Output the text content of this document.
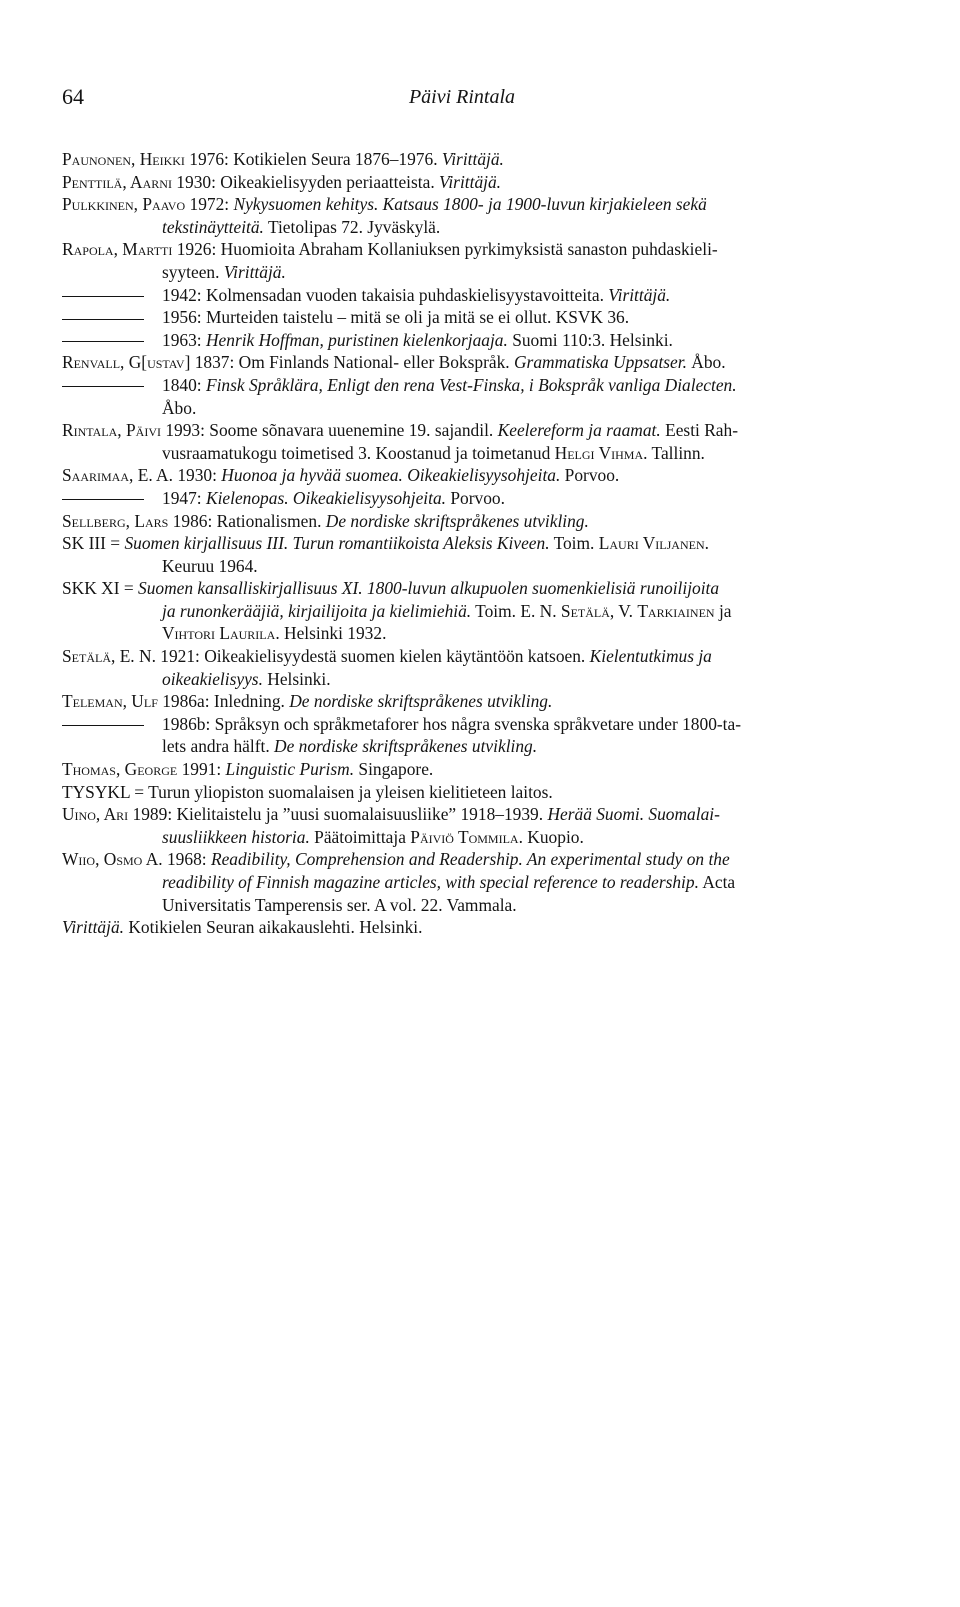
64	Päivi Rintala

Paunonen, Heikki 1976: Kotikielen Seura 1876–1976. Virittäjä.

Penttilä, Aarni 1930: Oikeakielisyyden periaatteista. Virittäjä.

Pulkkinen, Paavo 1972: Nykysuomen kehitys. Katsaus 1800- ja 1900-luvun kirjakieleen sekä
tekstinäytteitä. Tietolipas 72. Jyväskylä.

Rapola, Martti 1926: Huomioita Abraham Kollaniuksen pyrkimyksistä sanaston puhdaskieli-
syyteen. Virittäjä.

1942: Kolmensadan vuoden takaisia puhdaskielisyystavoitteita. Virittäjä.

1956: Murteiden taistelu – mitä se oli ja mitä se ei ollut. KSVK 36.

1963: Henrik Hoffman, puristinen kielenkorjaaja. Suomi 110:3. Helsinki.

Renvall, G[ustav] 1837: Om Finlands National- eller Bokspråk. Grammatiska Uppsatser. Åbo.

1840: Finsk Språklära, Enligt den rena Vest-Finska, i Bokspråk vanliga Dialecten.
Åbo.

Rintala, Päivi 1993: Soome sõnavara uuenemine 19. sajandil. Keelereform ja raamat. Eesti Rah-
vusraamatukogu toimetised 3. Koostanud ja toimetanud Helgi Vihma. Tallinn.

Saarimaa, E. A. 1930: Huonoa ja hyvää suomea. Oikeakielisyysohjeita. Porvoo.

1947: Kielenopas. Oikeakielisyysohjeita. Porvoo.

Sellberg, Lars 1986: Rationalismen. De nordiske skriftspråkenes utvikling.

SK III = Suomen kirjallisuus III. Turun romantiikoista Aleksis Kiveen. Toim. Lauri Viljanen.
Keuruu 1964.

SKK XI = Suomen kansalliskirjallisuus XI. 1800-luvun alkupuolen suomenkielisiä runoilijoita
ja runonkerääjiä, kirjailijoita ja kielimiehiä. Toim. E. N. Setälä, V. Tarkiainen ja
Vihtori Laurila. Helsinki 1932.

Setälä, E. N. 1921: Oikeakielisyydestä suomen kielen käytäntöön katsoen. Kielentutkimus ja
oikeakielisyys. Helsinki.

Teleman, Ulf 1986a: Inledning. De nordiske skriftspråkenes utvikling.

1986b: Språksyn och språkmetaforer hos några svenska språkvetare under 1800-ta-
lets andra hälft. De nordiske skriftspråkenes utvikling.

Thomas, George 1991: Linguistic Purism. Singapore.

TYSYKL = Turun yliopiston suomalaisen ja yleisen kielitieteen laitos.

Uino, Ari 1989: Kielitaistelu ja ”uusi suomalaisuusliike” 1918–1939. Herää Suomi. Suomalai-
suusliikkeen historia. Päätoimittaja Päiviö Tommila. Kuopio.

Wiio, Osmo A. 1968: Readibility, Comprehension and Readership. An experimental study on the
readibility of Finnish magazine articles, with special reference to readership. Acta
Universitatis Tamperensis ser. A vol. 22. Vammala.

Virittäjä. Kotikielen Seuran aikakauslehti. Helsinki.
